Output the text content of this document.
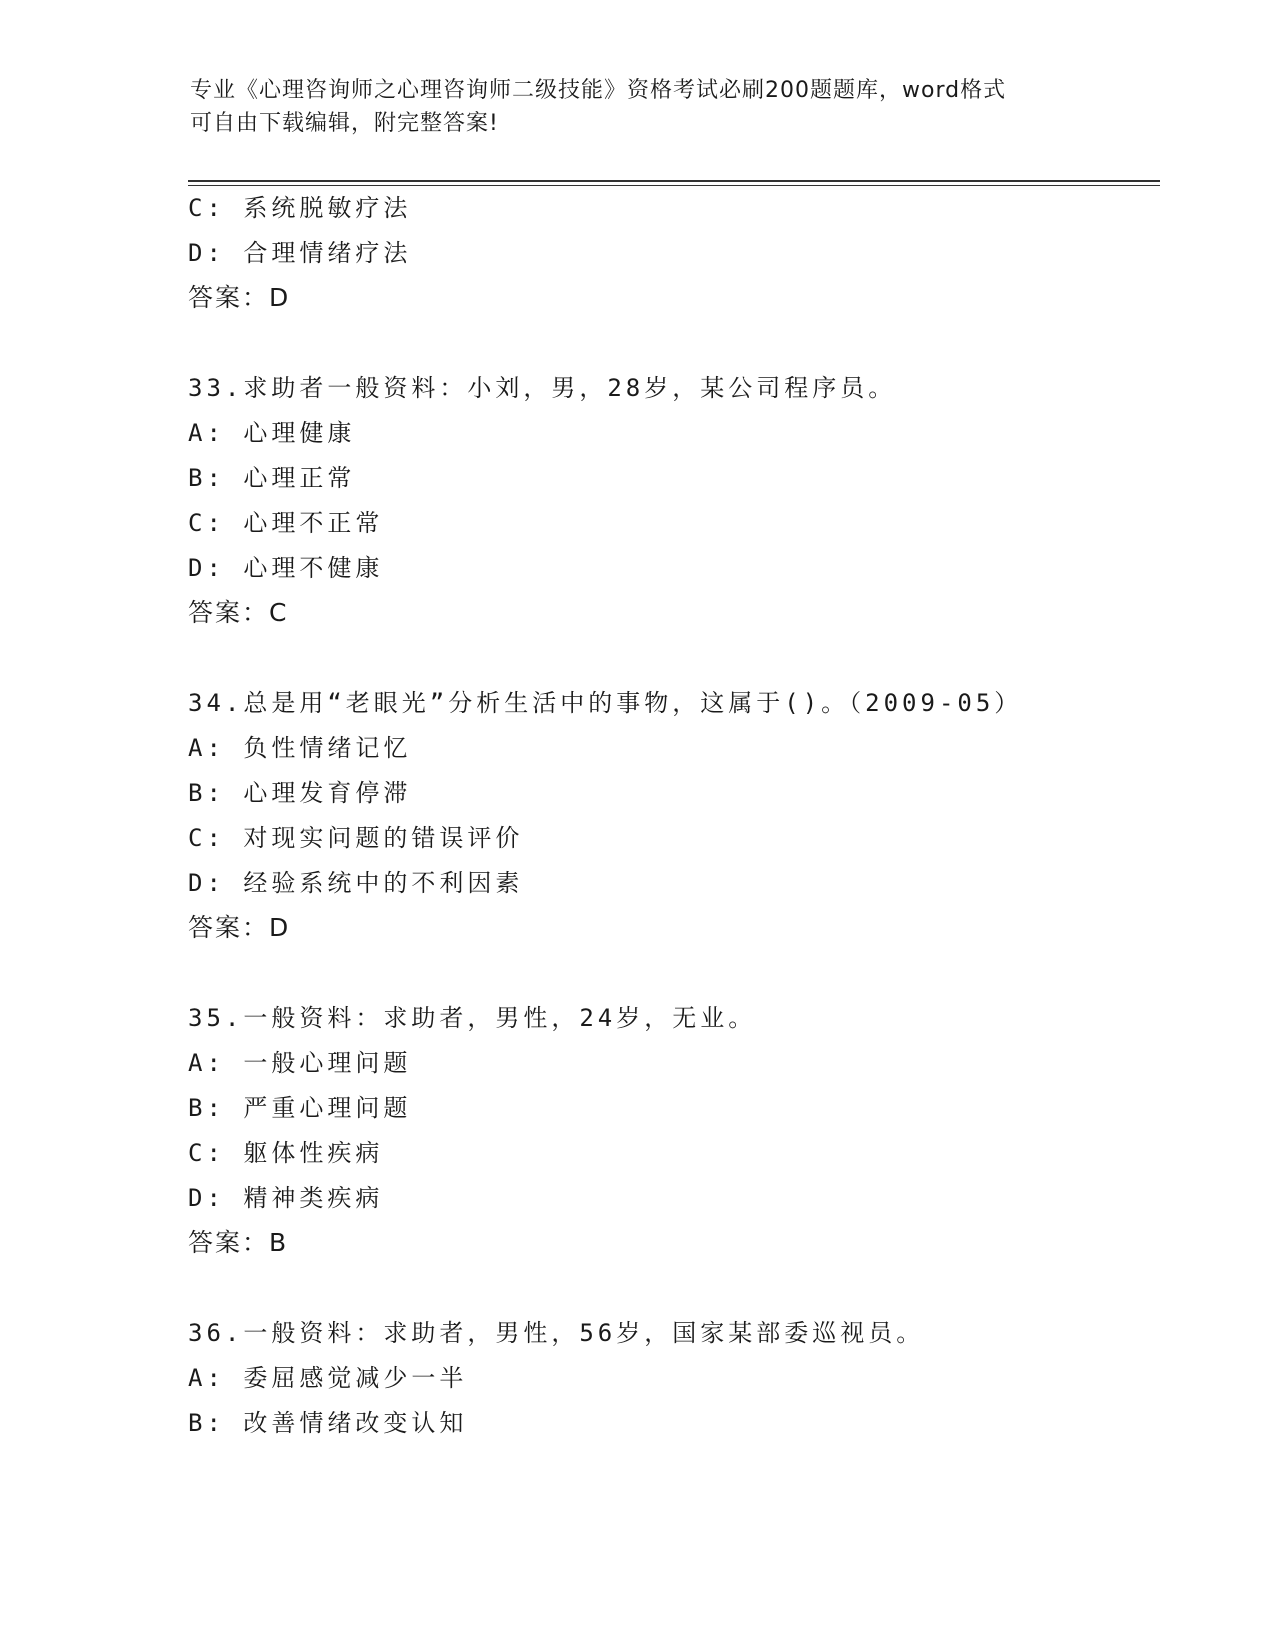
专业《心理咨询师之心理咨询师二级技能》资格考试必刷200题题库，word格式
可自由下载编辑，附完整答案!
C: 系统脱敏疗法
D: 合理情绪疗法
答案：D
33.求助者一般资料：小刘，男，28岁，某公司程序员。
A: 心理健康
B: 心理正常
C: 心理不正常
D: 心理不健康
答案：C
34.总是用“老眼光”分析生活中的事物，这属于()。（2009-05）
A: 负性情绪记忆
B: 心理发育停滞
C: 对现实问题的错误评价
D: 经验系统中的不利因素
答案：D
35.一般资料：求助者，男性，24岁，无业。
A: 一般心理问题
B: 严重心理问题
C: 躯体性疾病
D: 精神类疾病
答案：B
36.一般资料：求助者，男性，56岁，国家某部委巡视员。
A: 委屈感觉减少一半
B: 改善情绪改变认知
